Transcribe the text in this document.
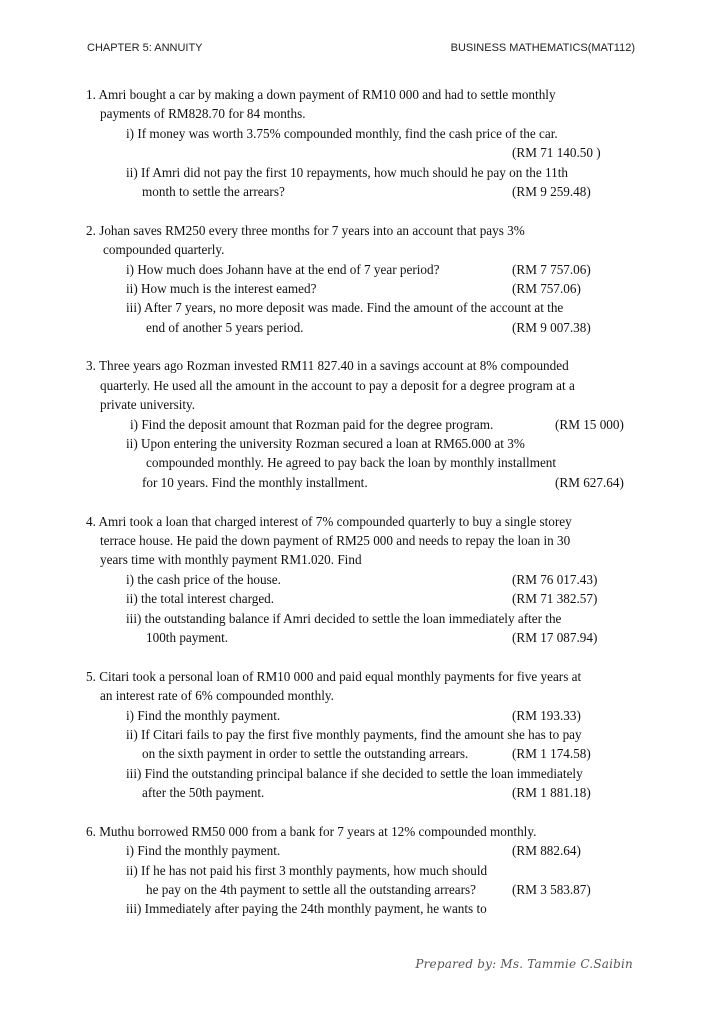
CHAPTER 5: ANNUITY	BUSINESS MATHEMATICS(MAT112)
1. Amri bought a car by making a down payment of RM10 000 and had to settle monthly
payments of RM828.70 for 84 months.
i) If money was worth 3.75% compounded monthly, find the cash price of the car.
(RM 71 140.50 )
ii) If Amri did not pay the first 10 repayments, how much should he pay on the 11th
month to settle the arrears?	(RM 9 259.48)
2. Johan saves RM250 every three months for 7 years into an account that pays 3%
compounded quarterly.
i) How much does Johann have at the end of 7 year period?	(RM 7 757.06)
ii) How much is the interest eamed?	(RM 757.06)
iii) After 7 years, no more deposit was made. Find the amount of the account at the
end of another 5 years period.	(RM 9 007.38)
3. Three years ago Rozman invested RM11 827.40 in a savings account at 8% compounded
quarterly. He used all the amount in the account to pay a deposit for a degree program at a
private university.
i) Find the deposit amount that Rozman paid for the degree program.	(RM 15 000)
ii) Upon entering the university Rozman secured a loan at RM65.000 at 3%
compounded monthly. He agreed to pay back the loan by monthly installment
for 10 years. Find the monthly installment.	(RM 627.64)
4. Amri took a loan that charged interest of 7% compounded quarterly to buy a single storey
terrace house. He paid the down payment of RM25 000 and needs to repay the loan in 30
years time with monthly payment RM1.020. Find
i) the cash price of the house.	(RM 76 017.43)
ii) the total interest charged.	(RM 71 382.57)
iii) the outstanding balance if Amri decided to settle the loan immediately after the
100th payment.	(RM 17 087.94)
5. Citari took a personal loan of RM10 000 and paid equal monthly payments for five years at
an interest rate of 6% compounded monthly.
i) Find the monthly payment.	(RM 193.33)
ii) If Citari fails to pay the first five monthly payments, find the amount she has to pay
on the sixth payment in order to settle the outstanding arrears.	(RM 1 174.58)
iii) Find the outstanding principal balance if she decided to settle the loan immediately
after the 50th payment.	(RM 1 881.18)
6. Muthu borrowed RM50 000 from a bank for 7 years at 12% compounded monthly.
i) Find the monthly payment.	(RM 882.64)
ii) If he has not paid his first 3 monthly payments, how much should
he pay on the 4th payment to settle all the outstanding arrears?	(RM 3 583.87)
iii) Immediately after paying the 24th monthly payment, he wants to
Prepared by: Ms. Tammie C.Saibin
